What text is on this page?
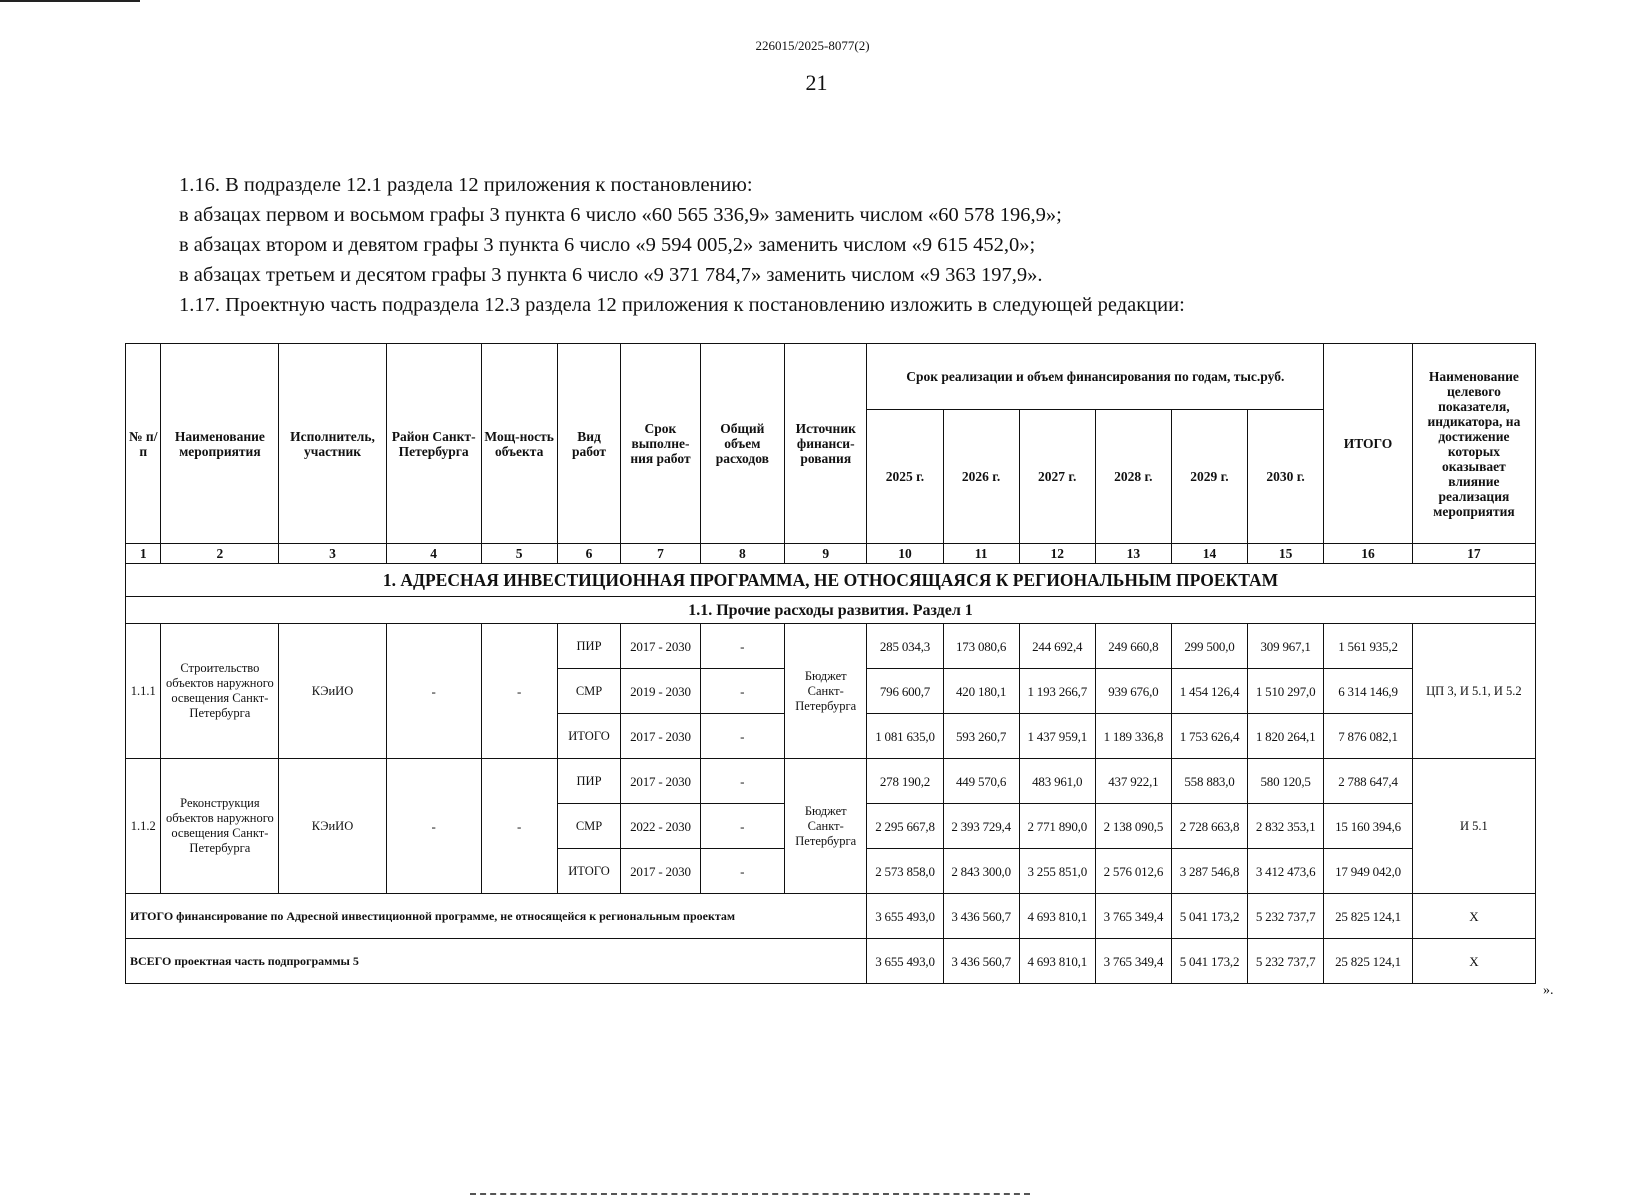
226015/2025-8077(2)
21
1.16. В подразделе 12.1 раздела 12 приложения к постановлению:
в абзацах первом и восьмом графы 3 пункта 6 число «60 565 336,9» заменить числом «60 578 196,9»;
в абзацах втором и девятом графы 3 пункта 6 число «9 594 005,2» заменить числом «9 615 452,0»;
в абзацах третьем и десятом графы 3 пункта 6 число «9 371 784,7» заменить числом «9 363 197,9».
1.17. Проектную часть подраздела 12.3 раздела 12 приложения к постановлению изложить в следующей редакции:
№ п/п	Наименование мероприятия	Исполнитель, участник	Район Санкт-Петербурга	Мощ-ность объекта	Вид работ	Срок выполне-ния работ	Общий объем расходов	Источник финанси-рования	Срок реализации и объем финансирования по годам, тыс.руб.						ИТОГО	Наименование целевого показателя, индикатора, на достижение которых оказывает влияние реализация мероприятия
									2025 г.	2026 г.	2027 г.	2028 г.	2029 г.	2030 г.		
1	2	3	4	5	6	7	8	9	10	11	12	13	14	15	16	17
1. АДРЕСНАЯ ИНВЕСТИЦИОННАЯ ПРОГРАММА, НЕ ОТНОСЯЩАЯСЯ К РЕГИОНАЛЬНЫМ ПРОЕКТАМ																
1.1. Прочие расходы развития. Раздел 1																
1.1.1	Строительство объектов наружного освещения Санкт-Петербурга	КЭиИО	-	-	ПИР	2017 - 2030	-	Бюджет Санкт-Петербурга	285 034,3	173 080,6	244 692,4	249 660,8	299 500,0	309 967,1	1 561 935,2	ЦП 3, И 5.1, И 5.2
					СМР	2019 - 2030	-		796 600,7	420 180,1	1 193 266,7	939 676,0	1 454 126,4	1 510 297,0	6 314 146,9	
					ИТОГО	2017 - 2030	-		1 081 635,0	593 260,7	1 437 959,1	1 189 336,8	1 753 626,4	1 820 264,1	7 876 082,1	
1.1.2	Реконструкция объектов наружного освещения Санкт-Петербурга	КЭиИО	-	-	ПИР	2017 - 2030	-	Бюджет Санкт-Петербурга	278 190,2	449 570,6	483 961,0	437 922,1	558 883,0	580 120,5	2 788 647,4	И 5.1
					СМР	2022 - 2030	-		2 295 667,8	2 393 729,4	2 771 890,0	2 138 090,5	2 728 663,8	2 832 353,1	15 160 394,6	
					ИТОГО	2017 - 2030	-		2 573 858,0	2 843 300,0	3 255 851,0	2 576 012,6	3 287 546,8	3 412 473,6	17 949 042,0	
ИТОГО финансирование по Адресной инвестиционной программе, не относящейся к региональным проектам									3 655 493,0	3 436 560,7	4 693 810,1	3 765 349,4	5 041 173,2	5 232 737,7	25 825 124,1	Х
ВСЕГО проектная часть подпрограммы 5									3 655 493,0	3 436 560,7	4 693 810,1	3 765 349,4	5 041 173,2	5 232 737,7	25 825 124,1	Х
».
